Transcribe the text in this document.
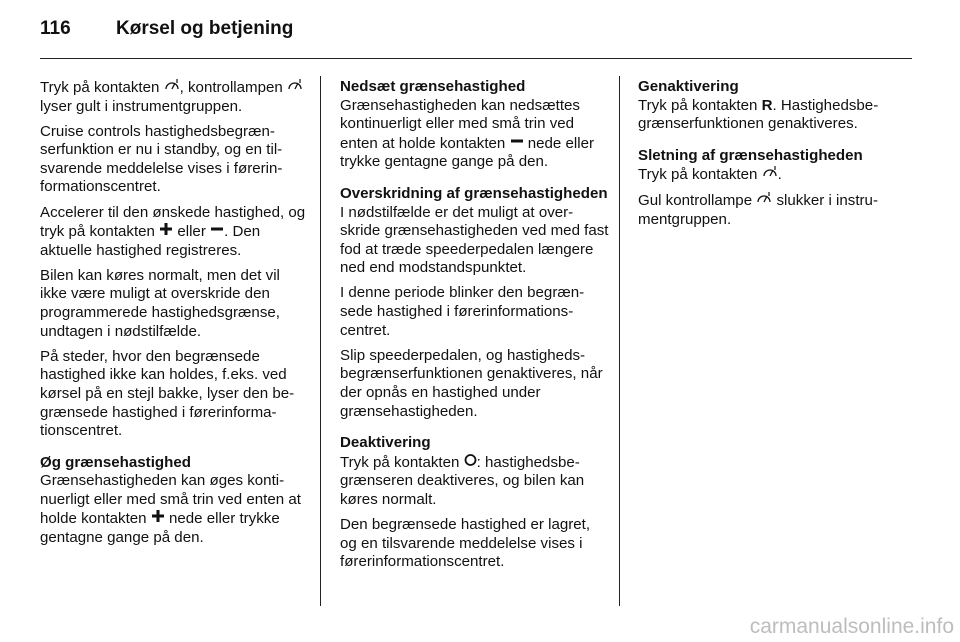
116	Kørsel og betjening

Tryk på kontakten , kontrollampen  lyser gult i instrumentgruppen.

Cruise controls hastighedsbegræn- serfunktion er nu i standby, og en til- svarende meddelelse vises i førerin- formationscentret.

Accelerer til den ønskede hastighed, og tryk på kontakten  eller . Den aktuelle hastighed registreres.

Bilen kan køres normalt, men det vil ikke være muligt at overskride den programmerede hastighedsgrænse, undtagen i nødstilfælde.

På steder, hvor den begrænsede hastighed ikke kan holdes, f.eks. ved kørsel på en stejl bakke, lyser den be- grænsede hastighed i førerinforma- tionscentret.

Øg grænsehastighed
Grænsehastigheden kan øges konti- nuerligt eller med små trin ved enten at holde kontakten  nede eller trykke gentagne gange på den.

Nedsæt grænsehastighed
Grænsehastigheden kan nedsættes kontinuerligt eller med små trin ved enten at holde kontakten  nede eller trykke gentagne gange på den.

Overskridning af grænsehastigheden
I nødstilfælde er det muligt at over- skride grænsehastigheden ved med fast fod at træde speederpedalen længere ned end modstandspunktet.

I denne periode blinker den begræn- sede hastighed i førerinformations- centret.

Slip speederpedalen, og hastigheds- begrænserfunktionen genaktiveres, når der opnås en hastighed under grænsehastigheden.

Deaktivering
Tryk på kontakten : hastighedsbe- grænseren deaktiveres, og bilen kan køres normalt.

Den begrænsede hastighed er lagret, og en tilsvarende meddelelse vises i førerinformationscentret.

Genaktivering
Tryk på kontakten R. Hastighedsbe- grænserfunktionen genaktiveres.

Sletning af grænsehastigheden
Tryk på kontakten .

Gul kontrollampe  slukker i instru- mentgruppen.

carmanualsonline.info
